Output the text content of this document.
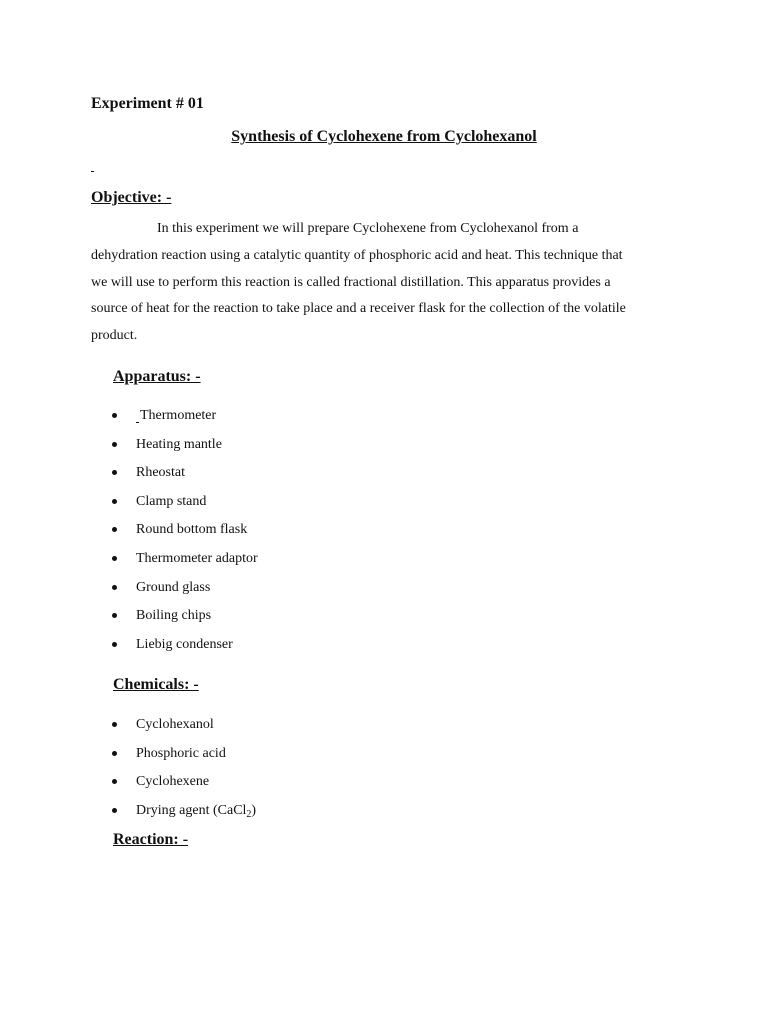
Experiment # 01
Synthesis of Cyclohexene from Cyclohexanol
Objective: -
In this experiment we will prepare Cyclohexene from Cyclohexanol from a
dehydration reaction using a catalytic quantity of phosphoric acid and heat. This technique that
we will use to perform this reaction is called fractional distillation. This apparatus provides a
source of heat for the reaction to take place and a receiver flask for the collection of the volatile
product.
Apparatus: -
Thermometer
Heating mantle
Rheostat
Clamp stand
Round bottom flask
Thermometer adaptor
Ground glass
Boiling chips
Liebig condenser
Chemicals: -
Cyclohexanol
Phosphoric acid
Cyclohexene
Drying agent (CaCl$_2$)
Reaction: -
